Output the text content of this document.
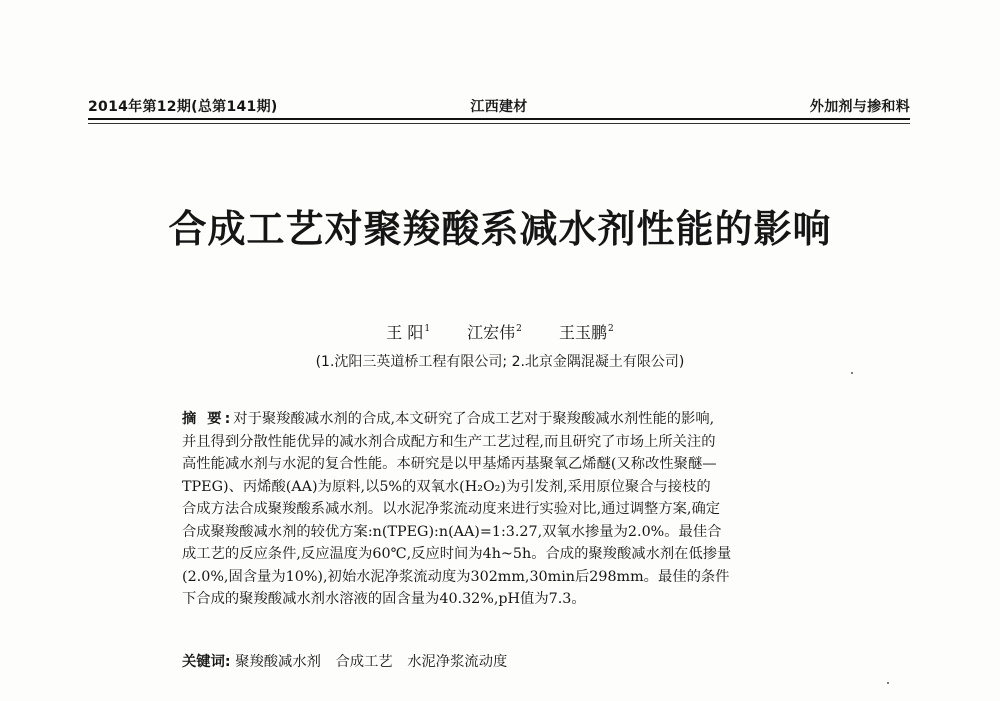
2014年第12期(总第141期)	江西建材	外加剂与掺和料
合成工艺对聚羧酸系减水剂性能的影响
王 阳$^1$ 江宏伟$^2$ 王玉鹏$^2$
(1.沈阳三英道桥工程有限公司; 2.北京金隅混凝土有限公司)
摘 要:对于聚羧酸减水剂的合成,本文研究了合成工艺对于聚羧酸减水剂性能的影响,
并且得到分散性能优异的减水剂合成配方和生产工艺过程,而且研究了市场上所关注的
高性能减水剂与水泥的复合性能。本研究是以甲基烯丙基聚氧乙烯醚(又称改性聚醚—
TPEG)、丙烯酸(AA)为原料,以5%的双氧水(H₂O₂)为引发剂,采用原位聚合与接枝的
合成方法合成聚羧酸系减水剂。以水泥净浆流动度来进行实验对比,通过调整方案,确定
合成聚羧酸减水剂的较优方案:n(TPEG):n(AA)=1:3.27,双氧水掺量为2.0%。最佳合
成工艺的反应条件,反应温度为60℃,反应时间为4h~5h。合成的聚羧酸减水剂在低掺量
(2.0%,固含量为10%),初始水泥净浆流动度为302mm,30min后298mm。最佳的条件
下合成的聚羧酸减水剂水溶液的固含量为40.32%,pH值为7.3。
关键词: 聚羧酸减水剂 合成工艺 水泥净浆流动度
